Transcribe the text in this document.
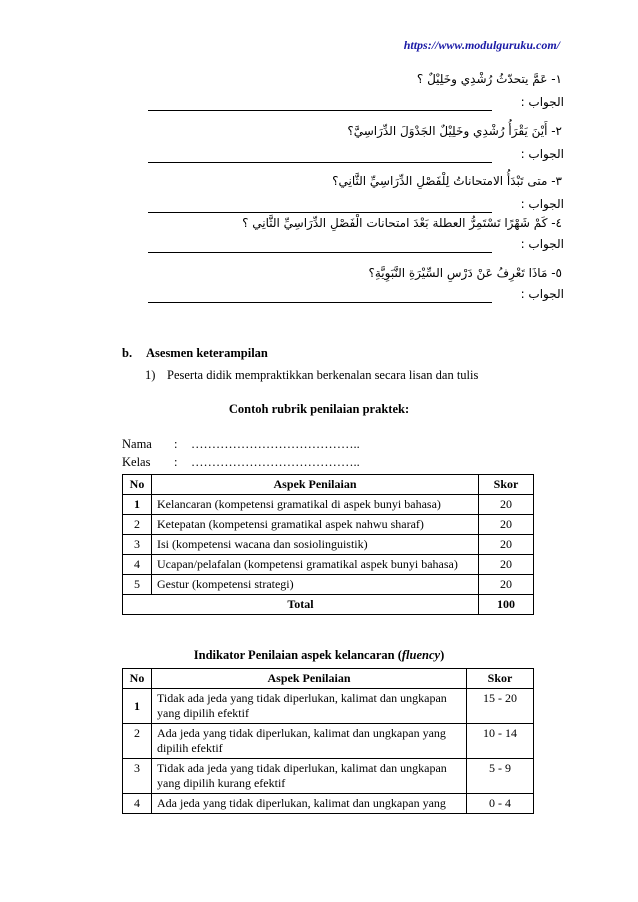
https://www.modulguruku.com/
١- عَمَّ يتحدّثُ رُشْدِي وخَلِيْلٌ ؟
الجواب :
٢- أَيْنَ يَقْرَأُ رُشْدِي وخَلِيْلٌ الجَدْوَلَ الدِّرَاسِيَّ؟
الجواب :
٣- متى تَبْدَأُ الامتحاناتُ لِلْفَصْلِ الدِّرَاسِيِّ الثَّانِي؟
الجواب :
٤- كَمْ شَهْرًا تَسْتَمِرُّ العطلة بَعْدَ امتحانات الْفَصْلِ الدِّرَاسِيِّ الثَّانِي ؟
الجواب :
٥- مَاذَا تَعْرِفُ عَنْ دَرْسِ السِّيْرَةِ النَّبَوِيَّةِ؟
الجواب :
b. Asesmen keterampilan
1) Peserta didik mempraktikkan berkenalan secara lisan dan tulis
Contoh rubrik penilaian praktek:
Nama : …………………………………..
Kelas : …………………………………..
No	Aspek Penilaian	Skor
1	Kelancaran (kompetensi gramatikal di aspek bunyi bahasa)	20
2	Ketepatan (kompetensi gramatikal aspek nahwu sharaf)	20
3	Isi (kompetensi wacana dan sosiolinguistik)	20
4	Ucapan/pelafalan (kompetensi gramatikal aspek bunyi bahasa)	20
5	Gestur (kompetensi strategi)	20
Total		100
Indikator Penilaian aspek kelancaran (fluency)
No	Aspek Penilaian	Skor
1	Tidak ada jeda yang tidak diperlukan, kalimat dan ungkapan yang dipilih efektif	15 - 20
2	Ada jeda yang tidak diperlukan, kalimat dan ungkapan yang dipilih efektif	10 - 14
3	Tidak ada jeda yang tidak diperlukan, kalimat dan ungkapan yang dipilih kurang efektif	5 - 9
4	Ada jeda yang tidak diperlukan, kalimat dan ungkapan yang	0 - 4
